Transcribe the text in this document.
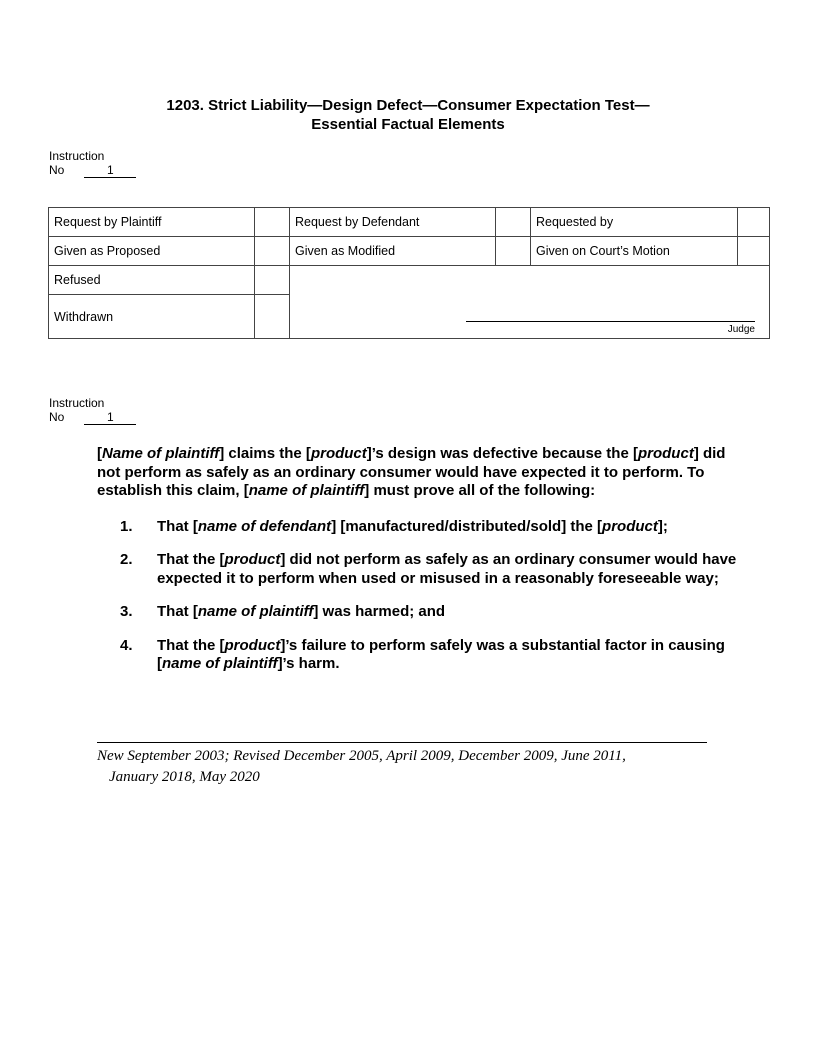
1203. Strict Liability—Design Defect—Consumer Expectation Test—
Essential Factual Elements
Instruction
No	1
Request by Plaintiff		Request by Defendant		Requested by	
Given as Proposed		Given as Modified		Given on Court’s Motion	
Refused		Judge			

Withdrawn					
Instruction
No	1

[Name of plaintiff] claims the [product]’s design was defective because the [product] did not perform as safely as an ordinary consumer would have expected it to perform. To establish this claim, [name of plaintiff] must prove all of the following:

1.	That [name of defendant] [manufactured/distributed/sold] the [product];
2.	That the [product] did not perform as safely as an ordinary consumer would have expected it to perform when used or misused in a reasonably foreseeable way;
3.	That [name of plaintiff] was harmed; and
4.	That the [product]’s failure to perform safely was a substantial factor in causing [name of plaintiff]’s harm.
New September 2003; Revised December 2005, April 2009, December 2009, June 2011,
January 2018, May 2020
